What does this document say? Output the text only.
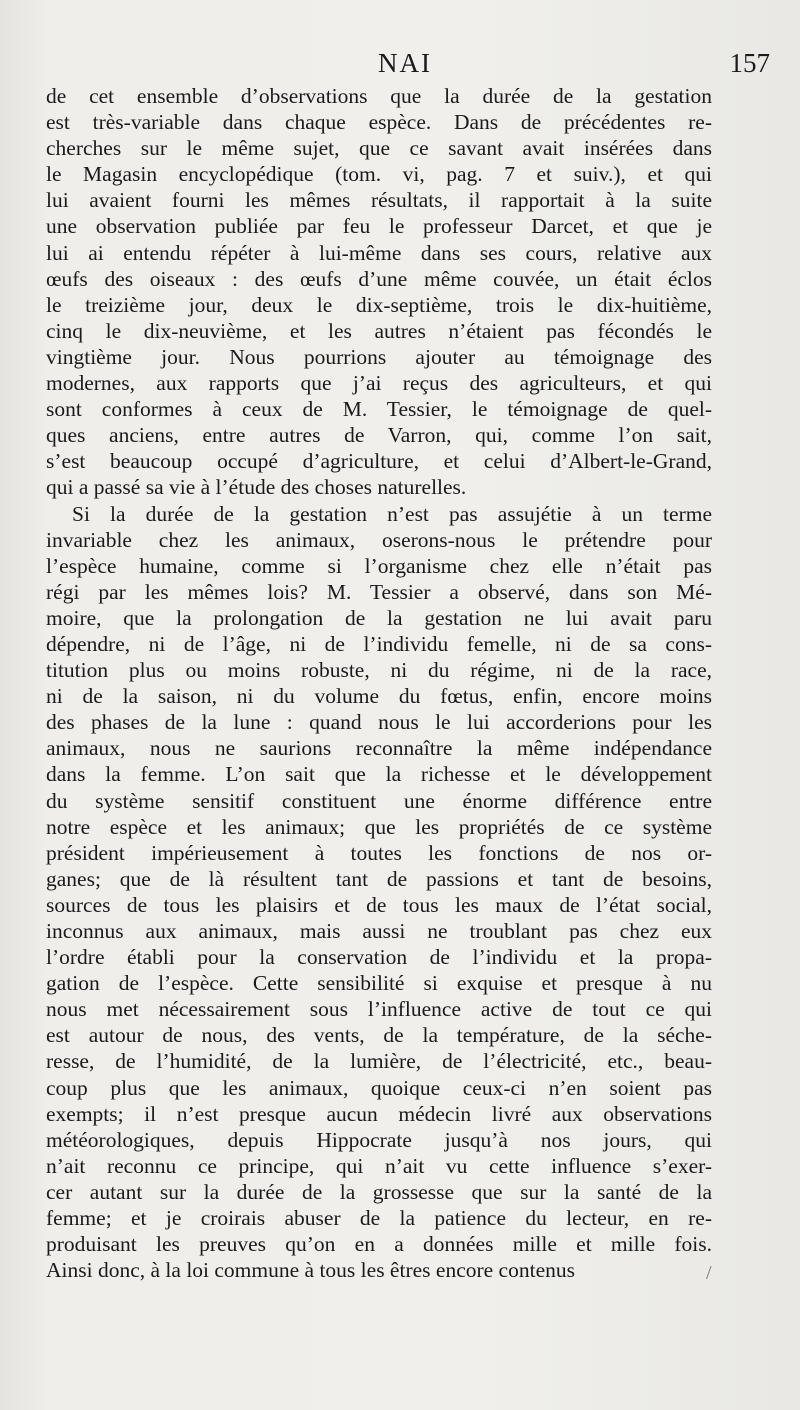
NAI	157
de cet ensemble d’observations que la durée de la gestation
est très-variable dans chaque espèce. Dans de précédentes re-
cherches sur le même sujet, que ce savant avait insérées dans
le Magasin encyclopédique (tom. vi, pag. 7 et suiv.), et qui
lui avaient fourni les mêmes résultats, il rapportait à la suite
une observation publiée par feu le professeur Darcet, et que je
lui ai entendu répéter à lui-même dans ses cours, relative aux
œufs des oiseaux : des œufs d’une même couvée, un était éclos
le treizième jour, deux le dix-septième, trois le dix-huitième,
cinq le dix-neuvième, et les autres n’étaient pas fécondés le
vingtième jour. Nous pourrions ajouter au témoignage des
modernes, aux rapports que j’ai reçus des agriculteurs, et qui
sont conformes à ceux de M. Tessier, le témoignage de quel-
ques anciens, entre autres de Varron, qui, comme l’on sait,
s’est beaucoup occupé d’agriculture, et celui d’Albert-le-Grand,
qui a passé sa vie à l’étude des choses naturelles.
Si la durée de la gestation n’est pas assujétie à un terme
invariable chez les animaux, oserons-nous le prétendre pour
l’espèce humaine, comme si l’organisme chez elle n’était pas
régi par les mêmes lois? M. Tessier a observé, dans son Mé-
moire, que la prolongation de la gestation ne lui avait paru
dépendre, ni de l’âge, ni de l’individu femelle, ni de sa cons-
titution plus ou moins robuste, ni du régime, ni de la race,
ni de la saison, ni du volume du fœtus, enfin, encore moins
des phases de la lune : quand nous le lui accorderions pour les
animaux, nous ne saurions reconnaître la même indépendance
dans la femme. L’on sait que la richesse et le développement
du système sensitif constituent une énorme différence entre
notre espèce et les animaux; que les propriétés de ce système
président impérieusement à toutes les fonctions de nos or-
ganes; que de là résultent tant de passions et tant de besoins,
sources de tous les plaisirs et de tous les maux de l’état social,
inconnus aux animaux, mais aussi ne troublant pas chez eux
l’ordre établi pour la conservation de l’individu et la propa-
gation de l’espèce. Cette sensibilité si exquise et presque à nu
nous met nécessairement sous l’influence active de tout ce qui
est autour de nous, des vents, de la température, de la séche-
resse, de l’humidité, de la lumière, de l’électricité, etc., beau-
coup plus que les animaux, quoique ceux-ci n’en soient pas
exempts; il n’est presque aucun médecin livré aux observations
météorologiques, depuis Hippocrate jusqu’à nos jours, qui
n’ait reconnu ce principe, qui n’ait vu cette influence s’exer-
cer autant sur la durée de la grossesse que sur la santé de la
femme; et je croirais abuser de la patience du lecteur, en re-
produisant les preuves qu’on en a données mille et mille fois.
Ainsi donc, à la loi commune à tous les êtres encore contenus	/
